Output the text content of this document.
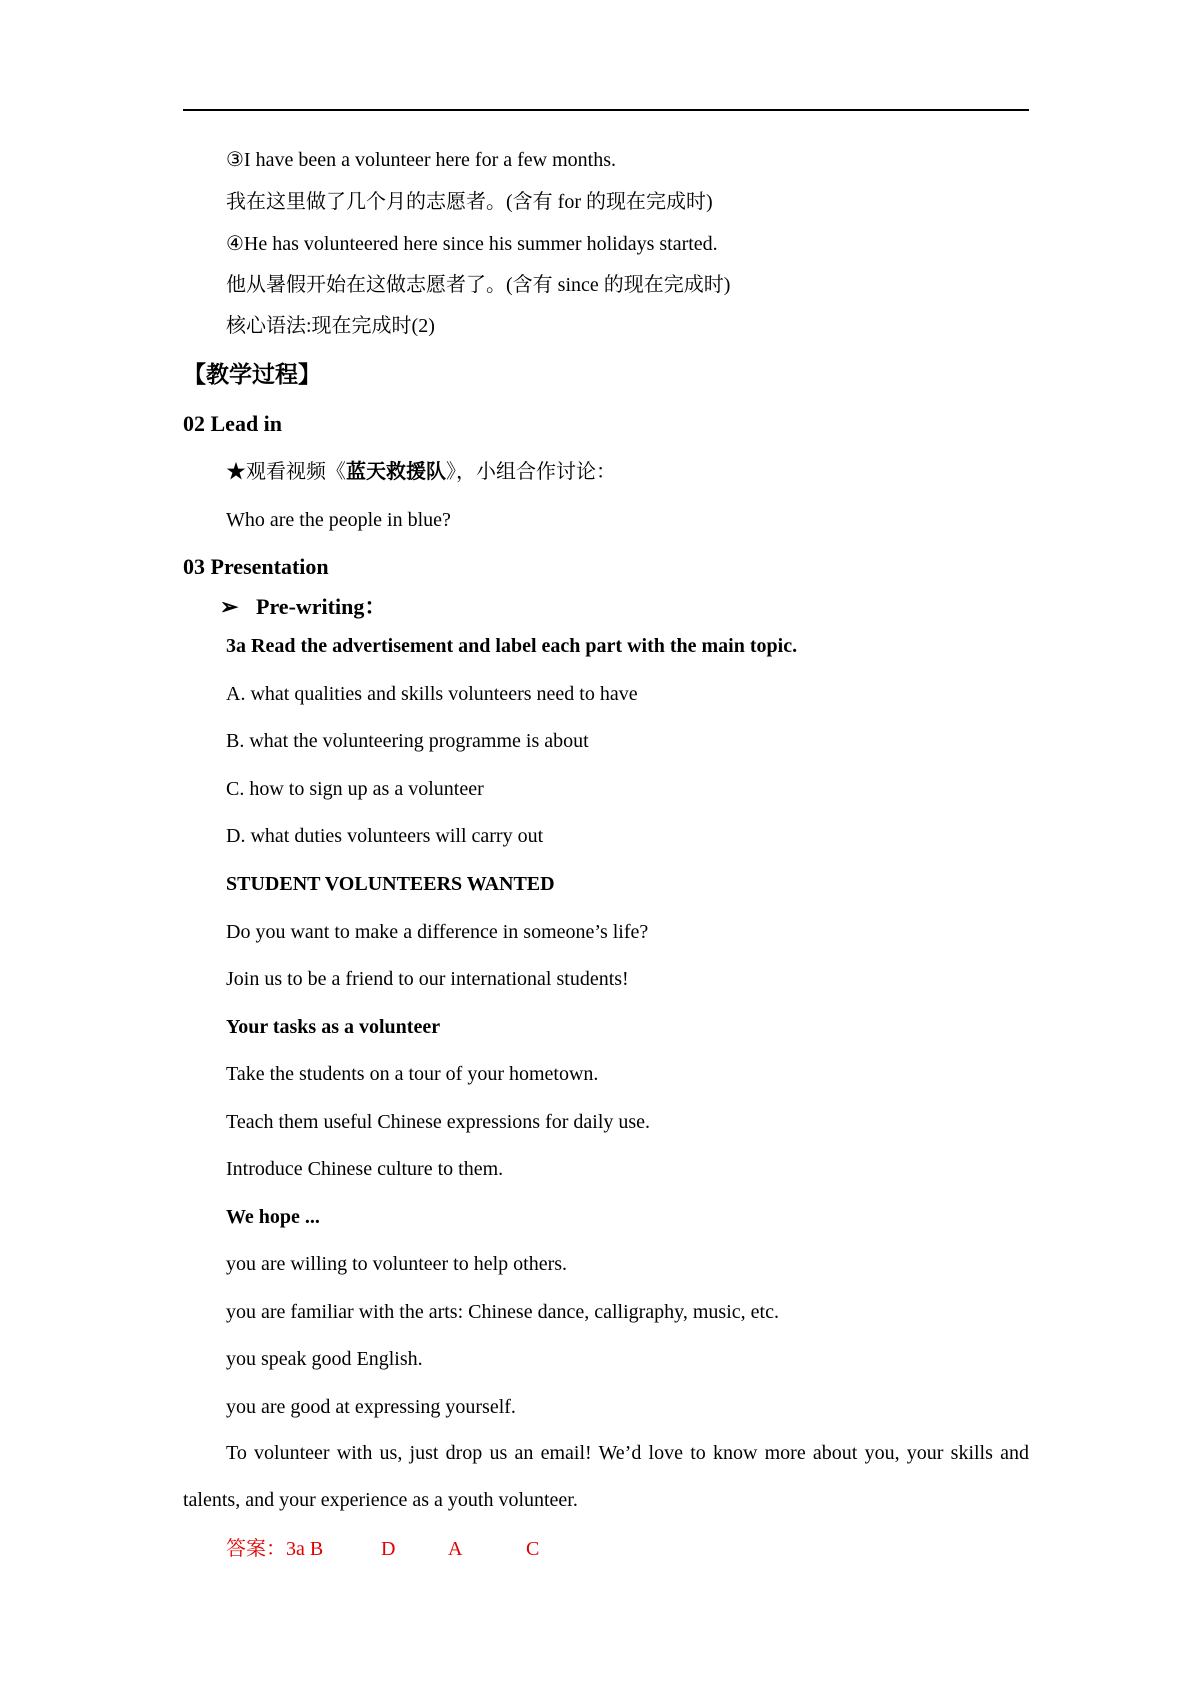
③I have been a volunteer here for a few months.
我在这里做了几个月的志愿者。(含有 for 的现在完成时)
④He has volunteered here since his summer holidays started.
他从暑假开始在这做志愿者了。(含有 since 的现在完成时)
核心语法:现在完成时(2)
【教学过程】
02 Lead in
★观看视频《蓝天救援队》，小组合作讨论：
Who are the people in blue?
03 Presentation
➢ Pre-writing：
3a Read the advertisement and label each part with the main topic.
A. what qualities and skills volunteers need to have
B. what the volunteering programme is about
C. how to sign up as a volunteer
D. what duties volunteers will carry out
STUDENT VOLUNTEERS WANTED
Do you want to make a difference in someone’s life?
Join us to be a friend to our international students!
Your tasks as a volunteer
Take the students on a tour of your hometown.
Teach them useful Chinese expressions for daily use.
Introduce Chinese culture to them.
We hope ...
you are willing to volunteer to help others.
you are familiar with the arts: Chinese dance, calligraphy, music, etc.
you speak good English.
you are good at expressing yourself.
To volunteer with us, just drop us an email! We’d love to know more about you, your skills and talents, and your experience as a youth volunteer.
答案：3a B	D	A	C
